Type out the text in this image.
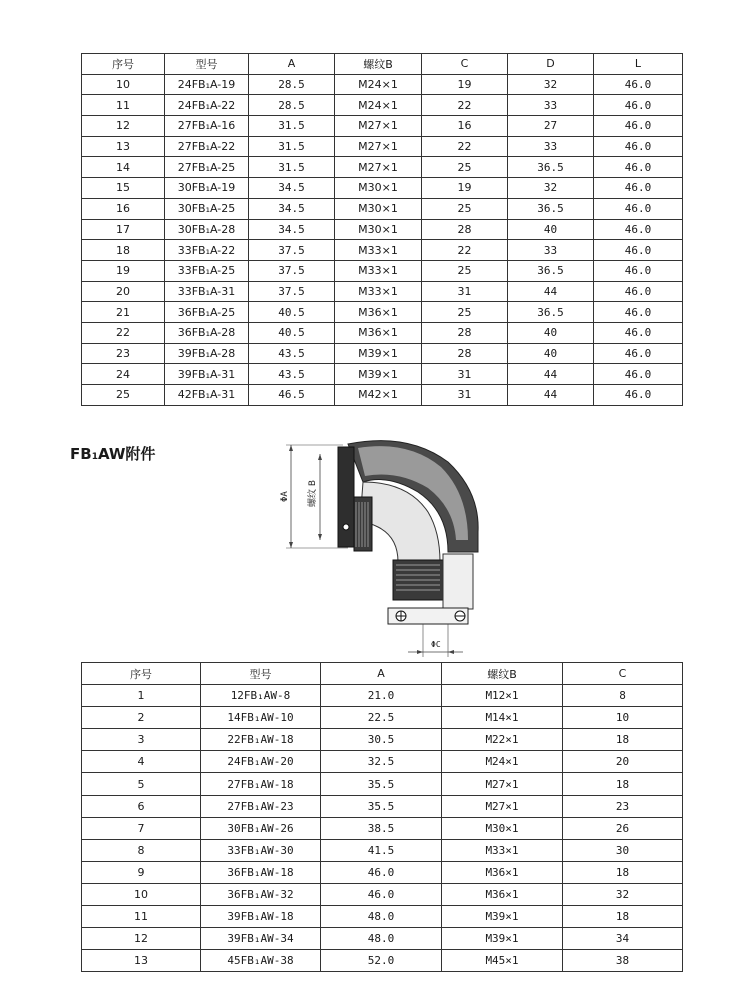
序号	型号	A	螺纹B	C	D	L
10	24FB₁A-19	28.5	M24×1	19	32	46.0
11	24FB₁A-22	28.5	M24×1	22	33	46.0
12	27FB₁A-16	31.5	M27×1	16	27	46.0
13	27FB₁A-22	31.5	M27×1	22	33	46.0
14	27FB₁A-25	31.5	M27×1	25	36.5	46.0
15	30FB₁A-19	34.5	M30×1	19	32	46.0
16	30FB₁A-25	34.5	M30×1	25	36.5	46.0
17	30FB₁A-28	34.5	M30×1	28	40	46.0
18	33FB₁A-22	37.5	M33×1	22	33	46.0
19	33FB₁A-25	37.5	M33×1	25	36.5	46.0
20	33FB₁A-31	37.5	M33×1	31	44	46.0
21	36FB₁A-25	40.5	M36×1	25	36.5	46.0
22	36FB₁A-28	40.5	M36×1	28	40	46.0
23	39FB₁A-28	43.5	M39×1	28	40	46.0
24	39FB₁A-31	43.5	M39×1	31	44	46.0
25	42FB₁A-31	46.5	M42×1	31	44	46.0
FB1AW附件
ΦA 螺纹 B
ΦC
序号	型号	A	螺纹B	C
1	12FB₁AW-8	21.0	M12×1	8
2	14FB₁AW-10	22.5	M14×1	10
3	22FB₁AW-18	30.5	M22×1	18
4	24FB₁AW-20	32.5	M24×1	20
5	27FB₁AW-18	35.5	M27×1	18
6	27FB₁AW-23	35.5	M27×1	23
7	30FB₁AW-26	38.5	M30×1	26
8	33FB₁AW-30	41.5	M33×1	30
9	36FB₁AW-18	46.0	M36×1	18
10	36FB₁AW-32	46.0	M36×1	32
11	39FB₁AW-18	48.0	M39×1	18
12	39FB₁AW-34	48.0	M39×1	34
13	45FB₁AW-38	52.0	M45×1	38
